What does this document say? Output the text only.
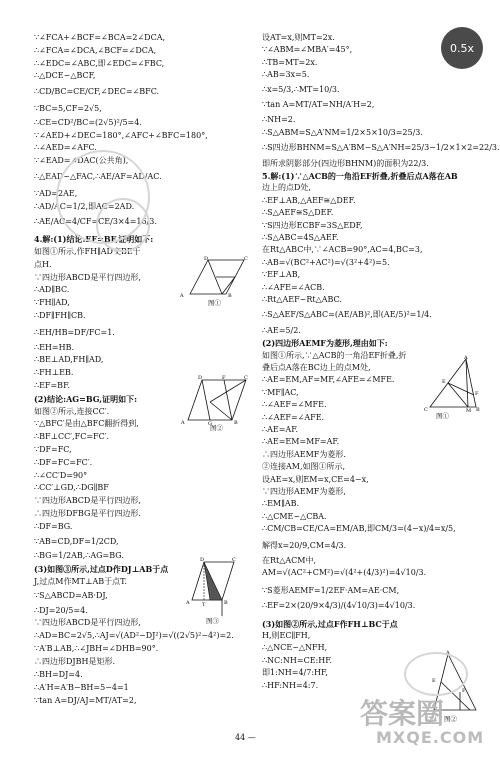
0.5x
∵∠FCA+∠BCF=∠BCA=2∠DCA,
∴∠FCA=∠DCA,∠BCF=∠DCA,
∴∠EDC=∠ABC,即∠EDC=∠FBC,
∴△DCE∽△BCF,
∴CD/BC=CE/CF,∠DEC=∠BFC.
∵BC=5,CF=2√5,
∴CE=CD²/BC=(2√5)²/5=4.
∵∠AED+∠DEC=180°,∠AFC+∠BFC=180°,
∴∠AED=∠AFC.
∵∠EAD=∠DAC(公共角),
∴△EAD∽△FAC,∴AE/AF=AD/AC.
∵AD=2AE,
∴AD/AC=1/2,即AC=2AD.
∴AE/AC=4/CF=CE/3×4=16/3.
4.解:(1)结论:EF=BF,证明如下:
如图①所示,作FH∥AD交BE于
点H.
∵四边形ABCD是平行四边形,
∴AD∥BC.
∵FH∥AD,
∴DF∥FH∥CB.
∴EH/HB=DF/FC=1.
∴EH=HB.
∴BE⊥AD,FH∥AD,
∴FH⊥EB.
∴EF=BF.
(2)结论:AG=BG,证明如下:
如图②所示,连接CC′.
∵△BFC′是由△BFC翻折得到,
∴BF⊥CC′,FC=FC′.
∵DF=FC,
∴DF=FC=FC′.
∴∠CC′D=90°
∴CC′⊥GD,∴DG∥BF
∵四边形ABCD是平行四边形,
∴四边形DFBG是平行四边形.
∴DF=BG.
∵AB=CD,DF=1/2CD,
∴BG=1/2AB,∴AG=BG.
(3)如图③所示,过点D作DJ⊥AB于点
J,过点M作MT⊥AB于点T.
∵S△ABCD=AB·DJ,
∴DJ=20/5=4.
∵四边形ABCD是平行四边形,
∴AD=BC=2√5,∴AJ=√(AD²−DJ²)=√((2√5)²−4²)=2.
∵A′B⊥AB,∴∠JBH=∠DHB=90°.
∴四边形DJBH是矩形.
∴BH=DJ=4.
∴A′H=A′B−BH=5−4=1
∵tan A=DJ/AJ=MT/AT=2,
设AT=x,则MT=2x.
∵∠ABM=∠MBA′=45°,
∴TB=MT=2x.
∴AB=3x=5.
∴x=5/3,∴MT=10/3.
∵tan A=MT/AT=NH/A′H=2,
∴NH=2.
∴S△ABM=S△A′NM=1/2×5×10/3=25/3.
∴S四边形BHNM=S△A′BM−S△A′NH=25/3−1/2×1×2=22/3.
即所求阴影部分(四边形BHNM)的面积为22/3.
5.解:(1)∵△ACB的一角沿EF折叠,折叠后点A落在AB
边上的点D处,
∴EF⊥AB,△AEF≅△DEF.
∴S△AEF≅S△DEF.
∵S四边形ECBF=3S△EDF,
∴S△ABC=4S△AEF.
在Rt△ABC中,∵∠ACB=90°,AC=4,BC=3,
∴AB=√(BC²+AC²)=√(3²+4²)=5.
∵EF⊥AB,
∴∠AFE=∠ACB.
∴Rt△AEF∽Rt△ABC.
∴S△AEF/S△ABC=(AE/AB)²,即(AE/5)²=1/4.
∴AE=5/2.
(2)四边形AEMF为菱形,理由如下:
如图①所示,∵△ACB的一角沿EF折叠,折
叠后点A落在BC边上的点M处,
∴AE=EM,AF=MF,∠AFE=∠MFE.
∵MF∥AC,
∴∠AEF=∠MFE.
∴∠AEF=∠AFE.
∴AE=AF.
∴AE=EM=MF=AF.
∴四边形AEMF为菱形.
②连接AM,如图①所示,
设AE=x,则EM=x,CE=4−x,
∵四边形AEMF为菱形,
∴EM∥AB.
∴△CME∽△CBA.
∴CM/CB=CE/CA=EM/AB,即CM/3=(4−x)/4=x/5,
解得x=20/9,CM=4/3.
在Rt△ACM中,
AM=√(AC²+CM²)=√(4²+(4/3)²)=4√10/3.
∵S菱形AEMF=1/2EF·AM=AE·CM,
∴EF=2×(20/9×4/3)/(4√10/3)=4√10/3.
(3)如图②所示,过点F作FH⊥BC于点
H,则EC∥FH,
∴△NCE∽△NFH,
∴NC:NH=CE:HF.
即1:NH=4/7:HF,
∴HF:NH=4:7.
D	C
A	B
图①
D	F	C
A	G	B
图②
D	C
A T	B
图③
A
C	B
E
M
F
图①
A
E
F
图②
答案圈
MXQE.COM
44 —
